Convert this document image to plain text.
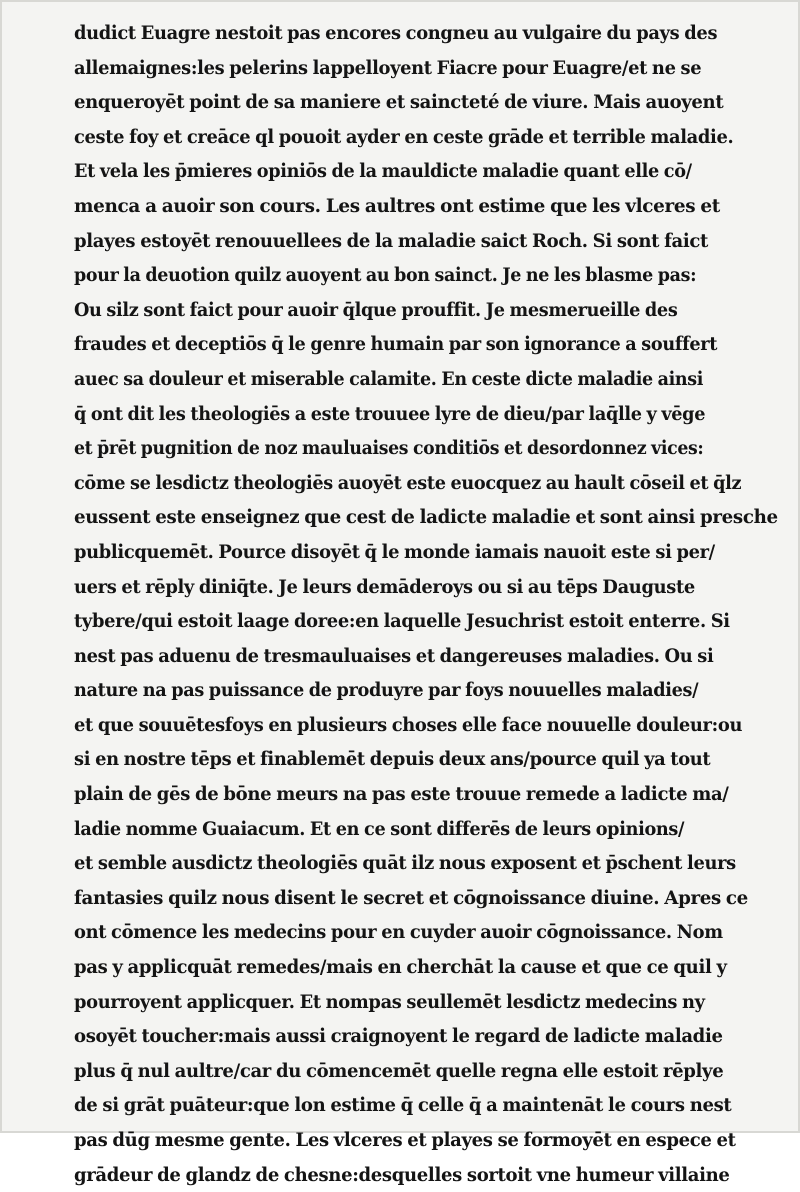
dudict Euagre nestoit pas encores congneu au vulgaire du pays des
allemaignes:les pelerins lappelloyent Fiacre pour Euagre/et ne se
enqueroyēt point de sa maniere et saincteté de viure. Mais auoyent
ceste foy et creāce ql pouoit ayder en ceste grāde et terrible maladie.
Et vela les p̄mieres opiniōs de la mauldicte maladie quant elle cō/
menca a auoir son cours. Les aultres ont estime que les vlceres et
playes estoyēt renouuellees de la maladie saict Roch. Si sont faict
pour la deuotion quilz auoyent au bon sainct. Je ne les blasme pas:
Ou silz sont faict pour auoir q̄lque prouffit. Je mesmerueille des
fraudes et deceptiōs q̄ le genre humain par son ignorance a souffert
auec sa douleur et miserable calamite. En ceste dicte maladie ainsi
q̄ ont dit les theologiēs a este trouuee lyre de dieu/par laq̄lle y vēge
et p̄rēt pugnition de noz mauluaises conditiōs et desordonnez vices:
cōme se lesdictz theologiēs auoyēt este euocquez au hault cōseil et q̄lz
eussent este enseignez que cest de ladicte maladie et sont ainsi presche
publicquemēt. Pource disoyēt q̄ le monde iamais nauoit este si per/
uers et rēply diniq̄te. Je leurs demāderoys ou si au tēps Dauguste
tybere/qui estoit laage doree:en laquelle Jesuchrist estoit enterre. Si
nest pas aduenu de tresmauluaises et dangereuses maladies. Ou si
nature na pas puissance de produyre par foys nouuelles maladies/
et que souuētesfoys en plusieurs choses elle face nouuelle douleur:ou
si en nostre tēps et finablemēt depuis deux ans/pource quil ya tout
plain de gēs de bōne meurs na pas este trouue remede a ladicte ma/
ladie nomme Guaiacum. Et en ce sont differēs de leurs opinions/
et semble ausdictz theologiēs quāt ilz nous exposent et p̄schent leurs
fantasies quilz nous disent le secret et cōgnoissance diuine. Apres ce
ont cōmence les medecins pour en cuyder auoir cōgnoissance. Nom
pas y applicquāt remedes/mais en cherchāt la cause et que ce quil y
pourroyent applicquer. Et nompas seullemēt lesdictz medecins ny
osoyēt toucher:mais aussi craignoyent le regard de ladicte maladie
plus q̄ nul aultre/car du cōmencemēt quelle regna elle estoit rēplye
de si grāt puāteur:que lon estime q̄ celle q̄ a maintenāt le cours nest
pas dūg mesme gente. Les vlceres et playes se formoyēt en espece et
grādeur de glandz de chesne:desquelles sortoit vne humeur villaine
